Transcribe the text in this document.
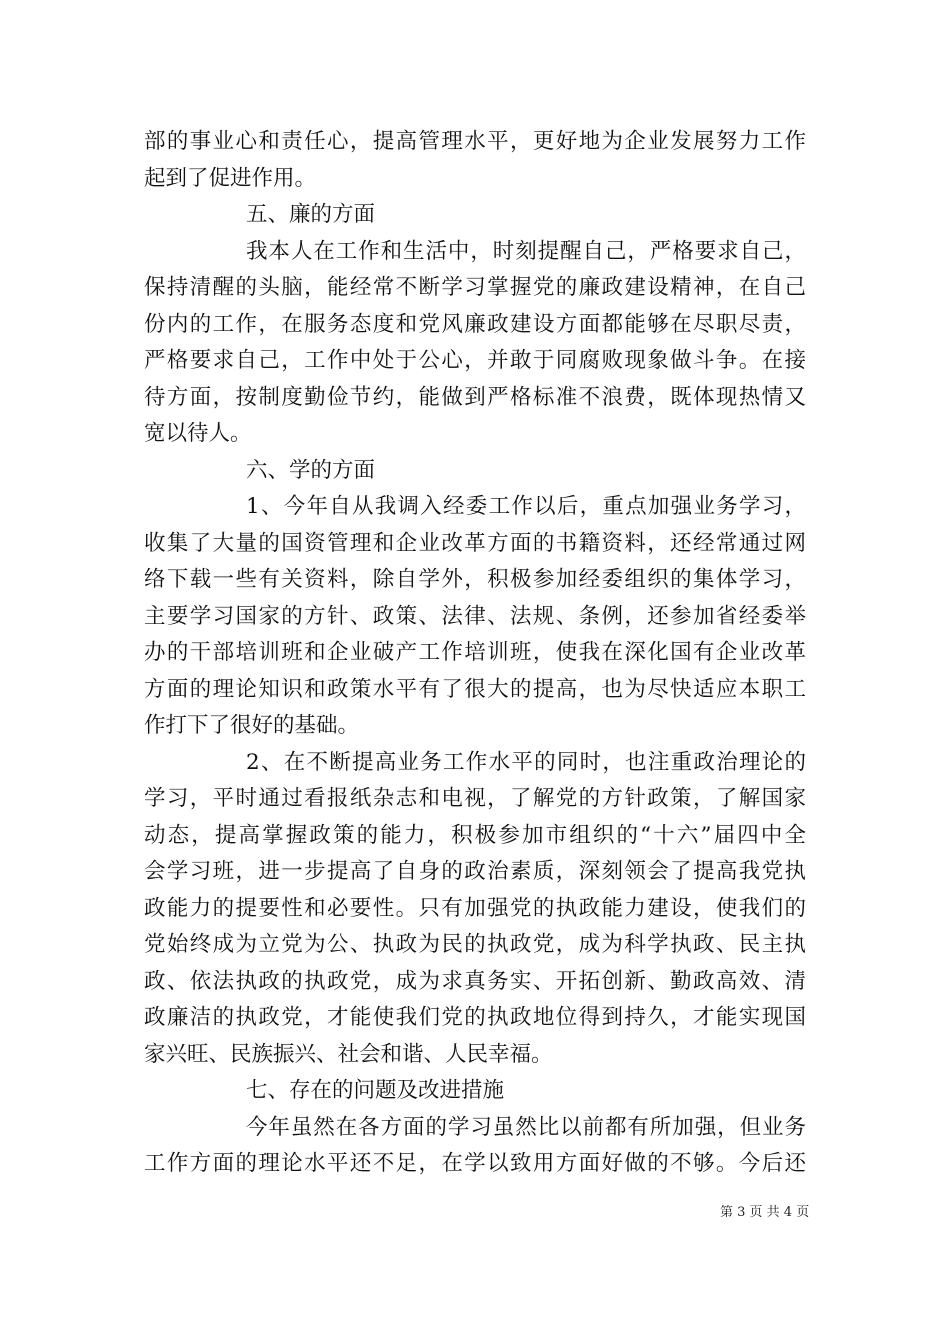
部的事业心和责任心，提高管理水平，更好地为企业发展努力工作
起到了促进作用。
五、廉的方面
我本人在工作和生活中，时刻提醒自己，严格要求自己，
保持清醒的头脑，能经常不断学习掌握党的廉政建设精神，在自己
份内的工作，在服务态度和党风廉政建设方面都能够在尽职尽责，
严格要求自己，工作中处于公心，并敢于同腐败现象做斗争。在接
待方面，按制度勤俭节约，能做到严格标准不浪费，既体现热情又
宽以待人。
六、学的方面
1、今年自从我调入经委工作以后，重点加强业务学习，
收集了大量的国资管理和企业改革方面的书籍资料，还经常通过网
络下载一些有关资料，除自学外，积极参加经委组织的集体学习，
主要学习国家的方针、政策、法律、法规、条例，还参加省经委举
办的干部培训班和企业破产工作培训班，使我在深化国有企业改革
方面的理论知识和政策水平有了很大的提高，也为尽快适应本职工
作打下了很好的基础。
2、在不断提高业务工作水平的同时，也注重政治理论的
学习，平时通过看报纸杂志和电视，了解党的方针政策，了解国家
动态，提高掌握政策的能力，积极参加市组织的“十六”届四中全
会学习班，进一步提高了自身的政治素质，深刻领会了提高我党执
政能力的提要性和必要性。只有加强党的执政能力建设，使我们的
党始终成为立党为公、执政为民的执政党，成为科学执政、民主执
政、依法执政的执政党，成为求真务实、开拓创新、勤政高效、清
政廉洁的执政党，才能使我们党的执政地位得到持久，才能实现国
家兴旺、民族振兴、社会和谐、人民幸福。
七、存在的问题及改进措施
今年虽然在各方面的学习虽然比以前都有所加强，但业务
工作方面的理论水平还不足，在学以致用方面好做的不够。今后还
第 3 页 共 4 页
